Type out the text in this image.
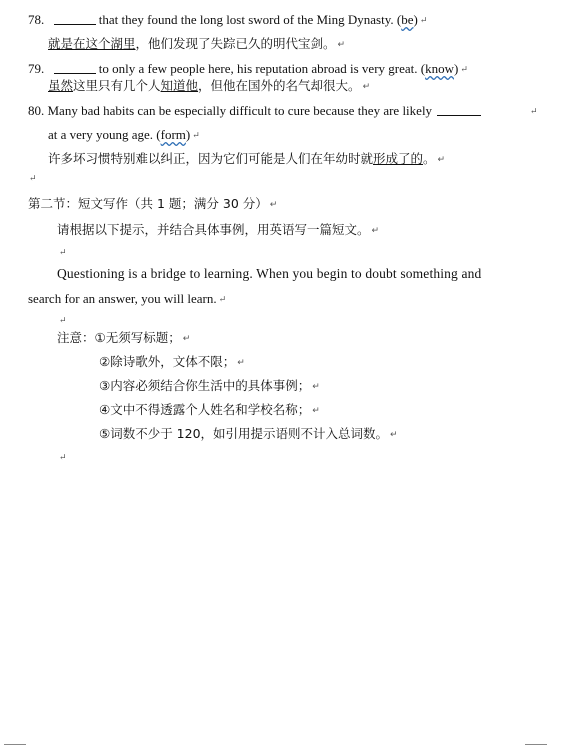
78.	that they found the long lost sword of the Ming Dynasty. (be) ↵
就是在这个湖里，他们发现了失踪已久的明代宝剑。 ↵
79.	to only a few people here, his reputation abroad is very great. (know) ↵
虽然这里只有几个人知道他，但他在国外的名气却很大。 ↵
80. Many bad habits can be especially difficult to cure because they are likely	↵
at a very young age. (form) ↵
许多坏习惯特别难以纠正，因为它们可能是人们在年幼时就形成了的。 ↵
↵
第二节：短文写作（共 1 题；满分 30 分） ↵
请根据以下提示，并结合具体事例，用英语写一篇短文。 ↵
↵
Questioning is a bridge to learning. When you begin to doubt something and
search for an answer, you will learn. ↵
↵
注意：①无须写标题； ↵
②除诗歌外，文体不限； ↵
③内容必须结合你生活中的具体事例； ↵
④文中不得透露个人姓名和学校名称； ↵
⑤词数不少于 120，如引用提示语则不计入总词数。 ↵
↵
